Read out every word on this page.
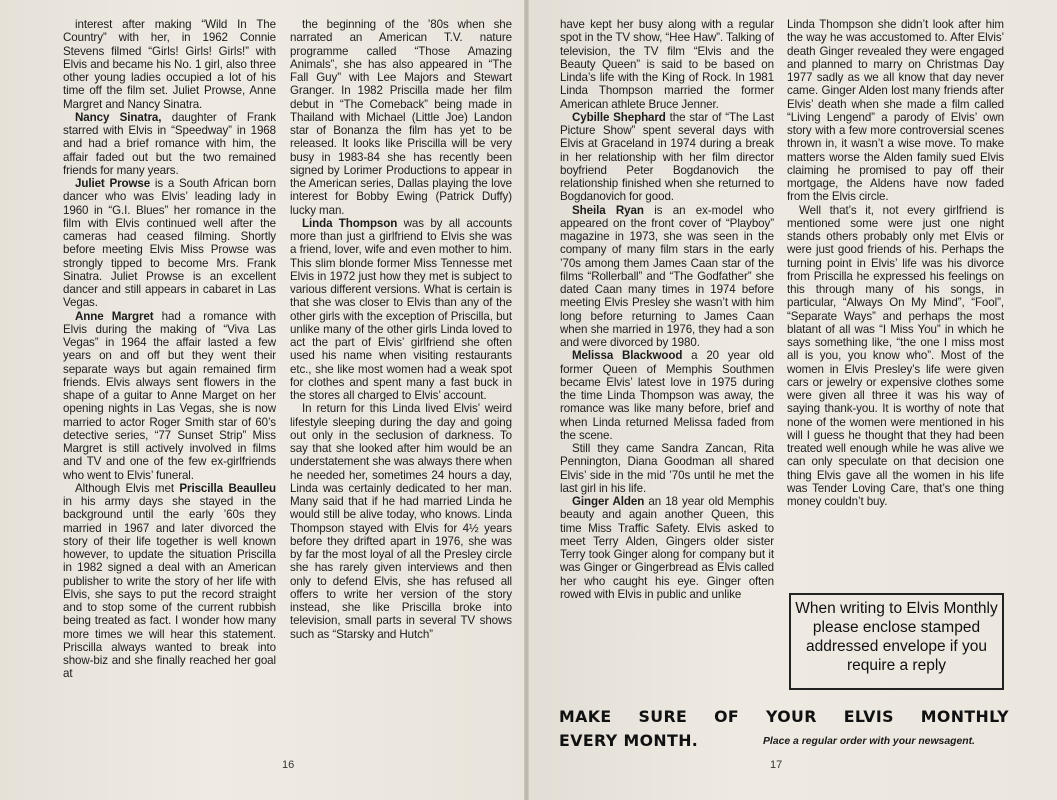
interest after making “Wild In The Country” with her, in 1962 Connie Stevens filmed “Girls! Girls! Girls!” with Elvis and became his No. 1 girl, also three other young ladies occupied a lot of his time off the film set. Juliet Prowse, Anne Margret and Nancy Sinatra.

Nancy Sinatra, daughter of Frank starred with Elvis in “Speedway” in 1968 and had a brief romance with him, the affair faded out but the two remained friends for many years.

Juliet Prowse is a South African born dancer who was Elvis’ leading lady in 1960 in “G.I. Blues” her romance in the film with Elvis continued well after the cameras had ceased filming. Shortly before meeting Elvis Miss Prowse was strongly tipped to become Mrs. Frank Sinatra. Juliet Prowse is an excellent dancer and still appears in cabaret in Las Vegas.

Anne Margret had a romance with Elvis during the making of “Viva Las Vegas” in 1964 the affair lasted a few years on and off but they went their separate ways but again remained firm friends. Elvis always sent flowers in the shape of a guitar to Anne Marget on her opening nights in Las Vegas, she is now married to actor Roger Smith star of 60’s detective series, “77 Sunset Strip” Miss Margret is still actively involved in films and TV and one of the few ex-girlfriends who went to Elvis’ funeral.

Although Elvis met Priscilla Beaulleu in his army days she stayed in the background until the early ’60s they married in 1967 and later divorced the story of their life together is well known however, to update the situation Priscilla in 1982 signed a deal with an American publisher to write the story of her life with Elvis, she says to put the record straight and to stop some of the current rubbish being treated as fact. I wonder how many more times we will hear this statement. Priscilla always wanted to break into show-biz and she finally reached her goal at

the beginning of the ’80s when she narrated an American T.V. nature programme called “Those Amazing Animals”, she has also appeared in “The Fall Guy” with Lee Majors and Stewart Granger. In 1982 Priscilla made her film debut in “The Comeback” being made in Thailand with Michael (Little Joe) Landon star of Bonanza the film has yet to be released. It looks like Priscilla will be very busy in 1983-84 she has recently been signed by Lorimer Productions to appear in the American series, Dallas playing the love interest for Bobby Ewing (Patrick Duffy) lucky man.

Linda Thompson was by all accounts more than just a girlfriend to Elvis she was a friend, lover, wife and even mother to him. This slim blonde former Miss Tennesse met Elvis in 1972 just how they met is subject to various different versions. What is certain is that she was closer to Elvis than any of the other girls with the exception of Priscilla, but unlike many of the other girls Linda loved to act the part of Elvis’ girlfriend she often used his name when visiting restaurants etc., she like most women had a weak spot for clothes and spent many a fast buck in the stores all charged to Elvis’ account.

In return for this Linda lived Elvis’ weird lifestyle sleeping during the day and going out only in the seclusion of darkness. To say that she looked after him would be an understatement she was always there when he needed her, sometimes 24 hours a day, Linda was certainly dedicated to her man. Many said that if he had married Linda he would still be alive today, who knows. Linda Thompson stayed with Elvis for 4½ years before they drifted apart in 1976, she was by far the most loyal of all the Presley circle she has rarely given interviews and then only to defend Elvis, she has refused all offers to write her version of the story instead, she like Priscilla broke into television, small parts in several TV shows such as “Starsky and Hutch”

have kept her busy along with a regular spot in the TV show, “Hee Haw”. Talking of television, the TV film “Elvis and the Beauty Queen” is said to be based on Linda’s life with the King of Rock. In 1981 Linda Thompson married the former American athlete Bruce Jenner.

Cybille Shephard the star of “The Last Picture Show” spent several days with Elvis at Graceland in 1974 during a break in her relationship with her film director boyfriend Peter Bogdanovich the relationship finished when she returned to Bogdanovich for good.

Sheila Ryan is an ex-model who appeared on the front cover of “Playboy” magazine in 1973, she was seen in the company of many film stars in the early ’70s among them James Caan star of the films “Rollerball” and “The Godfather” she dated Caan many times in 1974 before meeting Elvis Presley she wasn’t with him long before returning to James Caan when she married in 1976, they had a son and were divorced by 1980.

Melissa Blackwood a 20 year old former Queen of Memphis Southmen became Elvis’ latest love in 1975 during the time Linda Thompson was away, the romance was like many before, brief and when Linda returned Melissa faded from the scene.

Still they came Sandra Zancan, Rita Pennington, Diana Goodman all shared Elvis’ side in the mid ’70s until he met the last girl in his life.

Ginger Alden an 18 year old Memphis beauty and again another Queen, this time Miss Traffic Safety. Elvis asked to meet Terry Alden, Gingers older sister Terry took Ginger along for company but it was Ginger or Gingerbread as Elvis called her who caught his eye. Ginger often rowed with Elvis in public and unlike

Linda Thompson she didn’t look after him the way he was accustomed to. After Elvis’ death Ginger revealed they were engaged and planned to marry on Christmas Day 1977 sadly as we all know that day never came. Ginger Alden lost many friends after Elvis’ death when she made a film called “Living Lengend” a parody of Elvis’ own story with a few more controversial scenes thrown in, it wasn’t a wise move. To make matters worse the Alden family sued Elvis claiming he promised to pay off their mortgage, the Aldens have now faded from the Elvis circle.

Well that’s it, not every girlfriend is mentioned some were just one night stands others probably only met Elvis or were just good friends of his. Perhaps the turning point in Elvis’ life was his divorce from Priscilla he expressed his feelings on this through many of his songs, in particular, “Always On My Mind”, “Fool”, “Separate Ways” and perhaps the most blatant of all was “I Miss You” in which he says something like, “the one I miss most all is you, you know who”. Most of the women in Elvis Presley’s life were given cars or jewelry or expensive clothes some were given all three it was his way of saying thank-you. It is worthy of note that none of the women were mentioned in his will I guess he thought that they had been treated well enough while he was alive we can only speculate on that decision one thing Elvis gave all the women in his life was Tender Loving Care, that’s one thing money couldn’t buy.

16	17
When writing to Elvis Monthly please enclose stamped addressed envelope if you require a reply
MAKE SURE OF YOUR ELVIS MONTHLY
EVERY MONTH.	Place a regular order with your newsagent.
